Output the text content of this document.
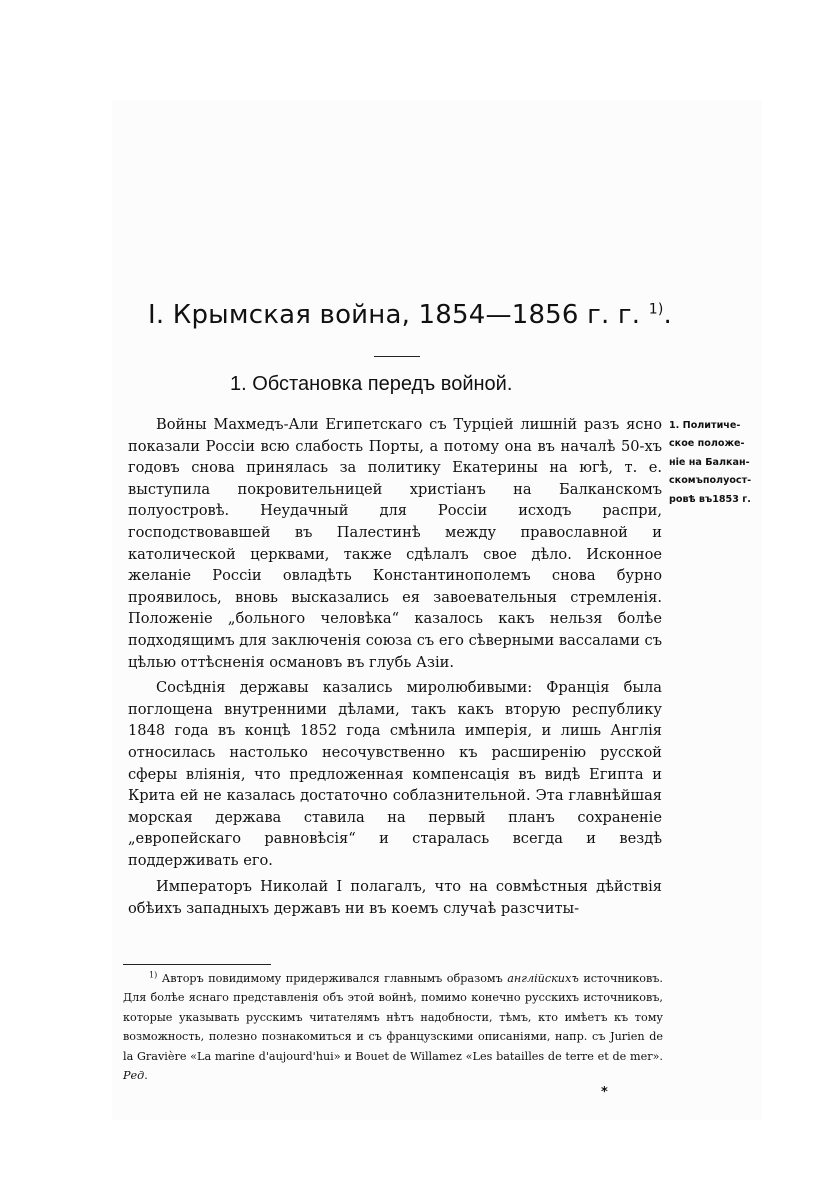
I. Крымская война, 1854—1856 г. г. $^{1)}$
1. Обстановка передъ войной.

Войны Махмедъ-Али Египетскаго съ Турціей лишній разъ ясно показали Россіи всю слабость Порты, а потому она въ началѣ 50-хъ годовъ снова принялась за политику Екатерины на югѣ, т. е. выступила покровительницей христіанъ на Балканскомъ полуостровѣ. Неудачный для Россіи исходъ распри, господствовавшей въ Палестинѣ между православной и католической церквами, также сдѣлалъ свое дѣло. Исконное желаніе Россіи овладѣть Константинополемъ снова бурно проявилось, вновь высказались ея завоевательныя стремленія. Положеніе „больного человѣка“ казалось какъ нельзя болѣе подходящимъ для заключенія союза съ его сѣверными вассалами съ цѣлью оттѣсненія османовъ въ глубь Азіи.

Сосѣднія державы казались миролюбивыми: Франція была поглощена внутренними дѣлами, такъ какъ вторую республику 1848 года въ концѣ 1852 года смѣнила имперія, и лишь Англія относилась настолько несочувственно къ расширенію русской сферы вліянія, что предложенная компенсація въ видѣ Египта и Крита ей не казалась достаточно соблазнительной. Эта главнѣйшая морская держава ставила на первый планъ сохраненіе „европейскаго равновѣсія“ и старалась всегда и вездѣ поддерживать его.

Императоръ Николай I полагалъ, что на совмѣстныя дѣйствія обѣихъ западныхъ державъ ни въ коемъ случаѣ разсчиты-

1. Политиче-
ское положе-
ніе на Балкан-
скомъполуост-
ровѣ въ1853 г.

$^{1)}$ Авторъ повидимому придерживался главнымъ образомъ англійскихъ источниковъ. Для болѣе яснаго представленія объ этой войнѣ, помимо конечно русскихъ источниковъ, которые указывать русскимъ читателямъ нѣтъ надобности, тѣмъ, кто имѣетъ къ тому возможность, полезно познакомиться и съ французскими описаніями, напр. съ Jurien de la Gravière «La marine d'aujourd'hui» и Bouet de Willamez «Les batailles de terre et de mer». Ред.

*
